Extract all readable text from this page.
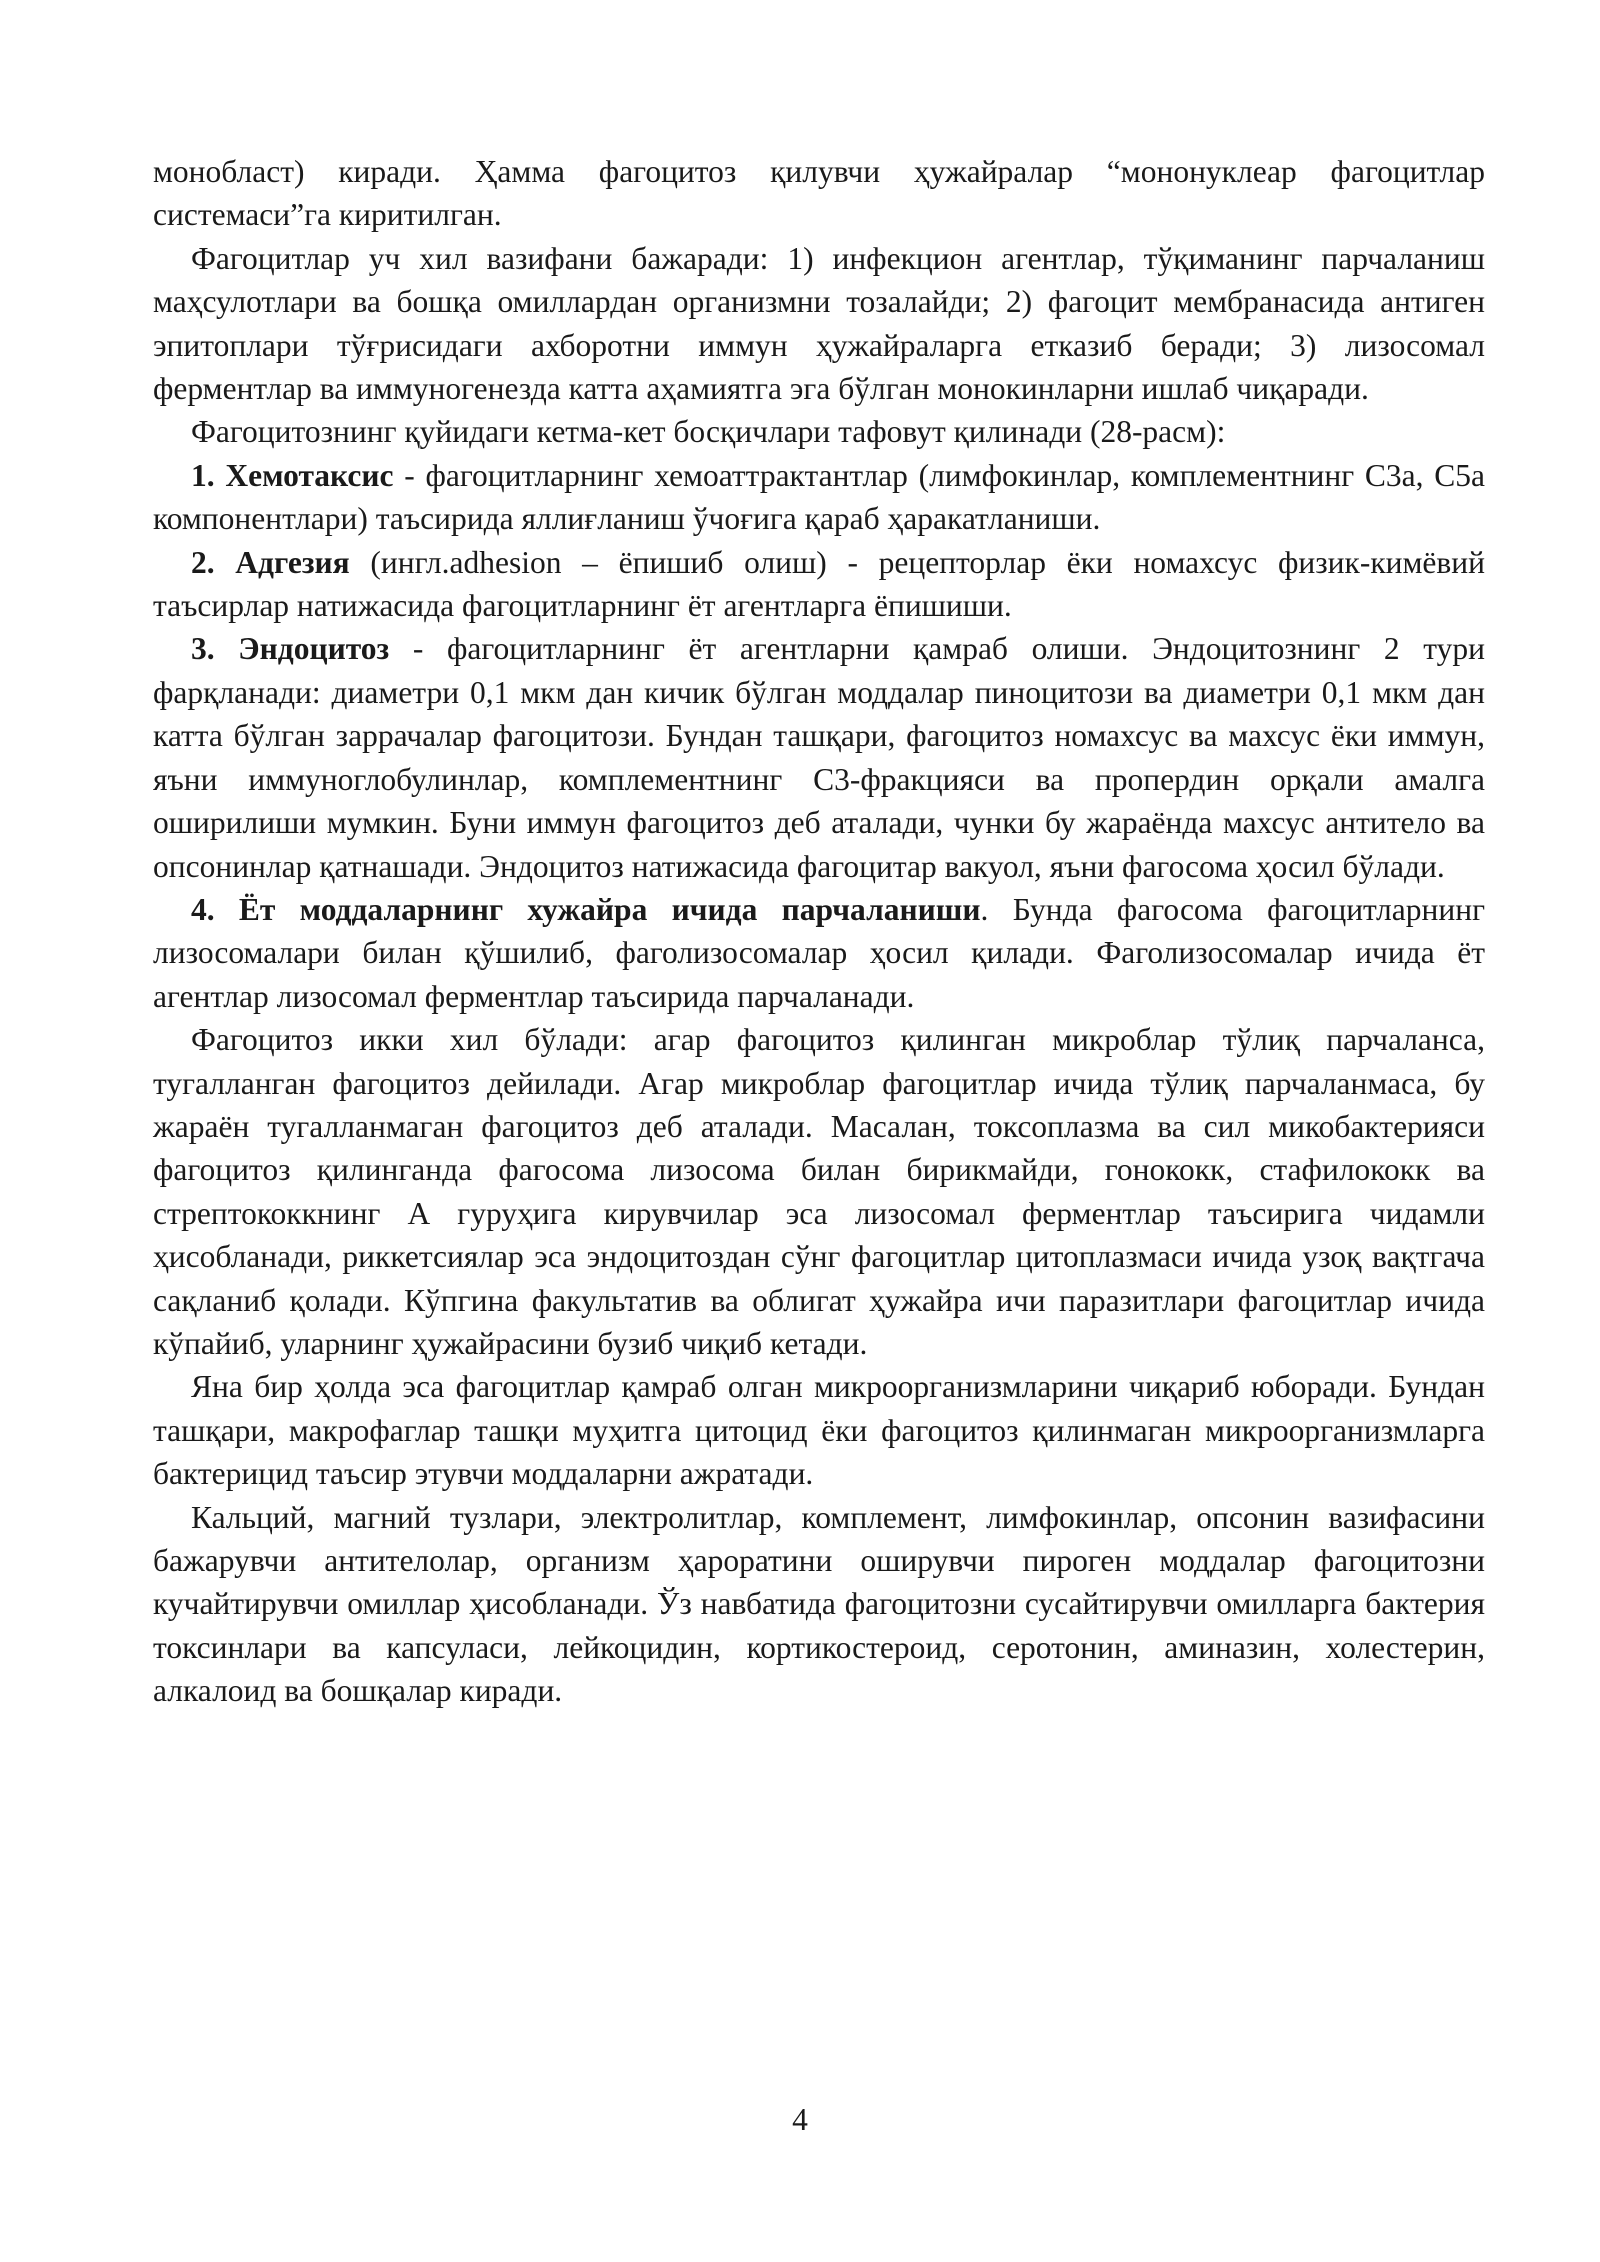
монобласт) киради. Ҳамма фагоцитоз қилувчи ҳужайралар “мононуклеар фагоцитлар системаси”га киритилган.

Фагоцитлар уч хил вазифани бажаради: 1) инфекцион агентлар, тўқиманинг парчаланиш маҳсулотлари ва бошқа омиллардан организмни тозалайди; 2) фагоцит мембранасида антиген эпитоплари тўғрисидаги ахборотни иммун ҳужайраларга етказиб беради; 3) лизосомал ферментлар ва иммуногенезда катта аҳамиятга эга бўлган монокинларни ишлаб чиқаради.

Фагоцитознинг қуйидаги кетма-кет босқичлари тафовут қилинади (28-расм):

1. Хемотаксис - фагоцитларнинг хемоаттрактантлар (лимфокинлар, комплементнинг С3а, С5а компонентлари) таъсирида яллиғланиш ўчоғига қараб ҳаракатланиши.

2. Адгезия (ингл.adhesion – ёпишиб олиш) - рецепторлар ёки номахсус физик-кимёвий таъсирлар натижасида фагоцитларнинг ёт агентларга ёпишиши.

3. Эндоцитоз - фагоцитларнинг ёт агентларни қамраб олиши. Эндоцитознинг 2 тури фарқланади: диаметри 0,1 мкм дан кичик бўлган моддалар пиноцитози ва диаметри 0,1 мкм дан катта бўлган заррачалар фагоцитози. Бундан ташқари, фагоцитоз номахсус ва махсус ёки иммун, яъни иммуноглобулинлар, комплементнинг С3-фракцияси ва пропердин орқали амалга оширилиши мумкин. Буни иммун фагоцитоз деб аталади, чунки бу жараёнда махсус антитело ва опсонинлар қатнашади. Эндоцитоз натижасида фагоцитар вакуол, яъни фагосома ҳосил бўлади.

4. Ёт моддаларнинг хужайра ичида парчаланиши. Бунда фагосома фагоцитларнинг лизосомалари билан қўшилиб, фаголизосомалар ҳосил қилади. Фаголизосомалар ичида ёт агентлар лизосомал ферментлар таъсирида парчаланади.

Фагоцитоз икки хил бўлади: агар фагоцитоз қилинган микроблар тўлиқ парчаланса, тугалланган фагоцитоз дейилади. Агар микроблар фагоцитлар ичида тўлиқ парчаланмаса, бу жараён тугалланмаган фагоцитоз деб аталади. Масалан, токсоплазма ва сил микобактерияси фагоцитоз қилинганда фагосома лизосома билан бирикмайди, гонококк, стафилококк ва стрептококкнинг А гуруҳига кирувчилар эса лизосомал ферментлар таъсирига чидамли ҳисобланади, риккетсиялар эса эндоцитоздан сўнг фагоцитлар цитоплазмаси ичида узоқ вақтгача сақланиб қолади. Кўпгина факультатив ва облигат ҳужайра ичи паразитлари фагоцитлар ичида кўпайиб, уларнинг ҳужайрасини бузиб чиқиб кетади.

Яна бир ҳолда эса фагоцитлар қамраб олган микроорганизмларини чиқариб юборади. Бундан ташқари, макрофаглар ташқи муҳитга цитоцид ёки фагоцитоз қилинмаган микроорганизмларга бактерицид таъсир этувчи моддаларни ажратади.

Кальций, магний тузлари, электролитлар, комплемент, лимфокинлар, опсонин вазифасини бажарувчи антителолар, организм ҳароратини оширувчи пироген моддалар фагоцитозни кучайтирувчи омиллар ҳисобланади. Ўз навбатида фагоцитозни сусайтирувчи омилларга бактерия токсинлари ва капсуласи, лейкоцидин, кортикостероид, серотонин, аминазин, холестерин, алкалоид ва бошқалар киради.

4
